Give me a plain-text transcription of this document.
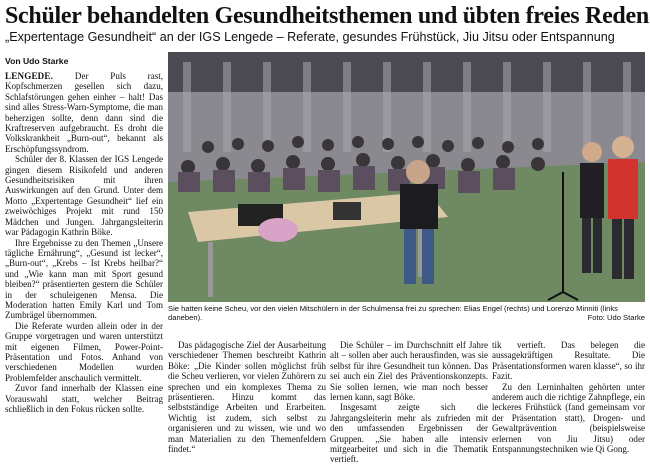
Schüler behandelten Gesundheitsthemen und übten freies Reden
„Expertentage Gesundheit“ an der IGS Lengede – Referate, gesundes Frühstück, Jiu Jitsu oder Entspannung
Von Udo Starke

LENGEDE. Der Puls rast, Kopfschmerzen gesellen sich dazu, Schlafstörungen gehen einher – halt! Das sind alles Stress-Warn-Symptome, die man beherzigen sollte, denn dann sind die Kraftreserven aufgebraucht. Es droht die Volkskrankheit „Burn-out“, bekannt als Erschöpfungssyndrom.

Schüler der 8. Klassen der IGS Lengede gingen diesem Risikofeld und anderen Gesundheitsrisiken mit ihren Auswirkungen auf den Grund. Unter dem Motto „Expertentage Gesundheit“ lief ein zweiwöchiges Projekt mit rund 150 Mädchen und Jungen. Jahrgangsleiterin war Pädagogin Kathrin Böke.

Ihre Ergebnisse zu den Themen „Unsere tägliche Ernährung“, „Gesund ist lecker“, „Burn-out“, „Krebs – Ist Krebs heilbar?“ und „Wie kann man mit Sport gesund bleiben?“ präsentierten gestern die Schüler in der schuleigenen Mensa. Die Moderation hatten Emily Karl und Tom Zumbrägel übernommen.

Die Referate wurden allein oder in der Gruppe vorgetragen und waren unterstützt mit eigenen Filmen, Power-Point-Präsentation und Fotos. Anhand von verschiedenen Modellen wurden Problemfelder anschaulich vermittelt.

Zuvor fand innerhalb der Klassen eine Vorauswahl statt, welcher Beitrag schließlich in den Fokus rücken sollte.

Sie hatten keine Scheu, vor den vielen Mitschülern in der Schulmensa frei zu sprechen: Elias Engel (rechts) und Lorenzo Minniti (links daneben).	Foto: Udo Starke

Das pädagogische Ziel der Ausarbeitung verschiedener Themen beschreibt Kathrin Böke: „Die Kinder sollen möglichst früh die Scheu verlieren, vor vielen Zuhörern zu sprechen und ein komplexes Thema zu präsentieren. Hinzu kommt das selbstständige Arbeiten und Erarbeiten. Wichtig ist zudem, sich selbst zu organisieren und zu wissen, wie und wo man Materialien zu den Themenfeldern findet.“

Die Schüler – im Durchschnitt elf Jahre alt – sollen aber auch herausfinden, was sie selbst für ihre Gesundheit tun können. Das sei auch ein Ziel des Präventionskonzepts. Sie sollen lernen, wie man noch besser lernen kann, sagt Böke.

Insgesamt zeigte sich die Jahrgangsleiterin mehr als zufrieden mit den umfassenden Ergebnissen der Gruppen. „Sie haben alle intensiv mitgearbeitet und sich in die Thematik vertieft.

tik vertieft. Das belegen die aussagekräftigen Resultate. Die Präsentationsformen waren klasse“, so ihr Fazit.

Zu den Lerninhalten gehörten unter anderem auch die richtige Zahnpflege, ein leckeres Frühstück (fand gemeinsam vor der Präsentation statt), Drogen- und Gewaltprävention (beispielsweise erlernen von Jiu Jitsu) oder Entspannungstechniken wie Qi Gong.
